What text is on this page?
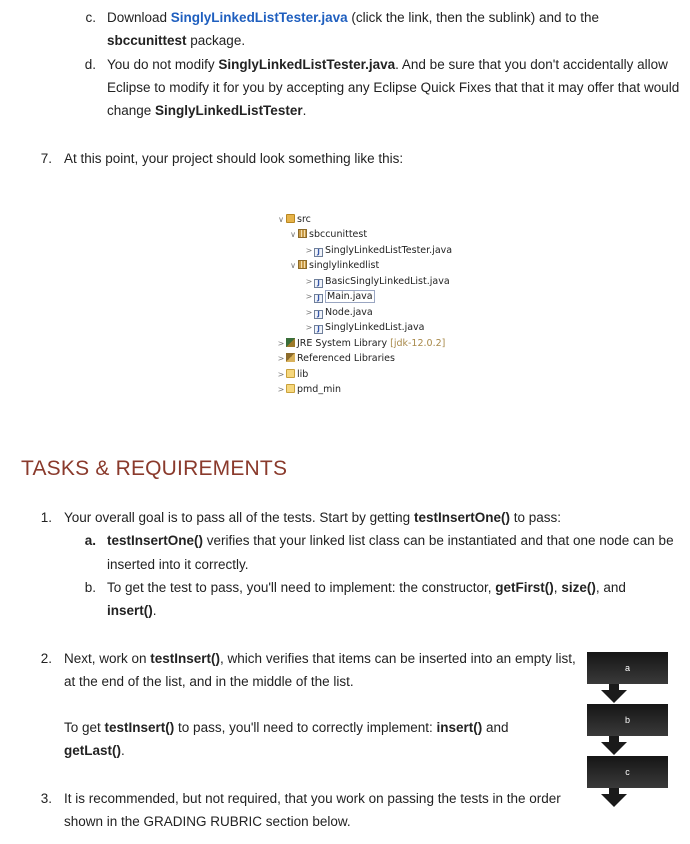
c. Download SinglyLinkedListTester.java (click the link, then the sublink) and to the
sbccunittest package.
d. You do not modify SinglyLinkedListTester.java. And be sure that you don't accidentally allow
Eclipse to modify it for you by accepting any Eclipse Quick Fixes that that it may offer that would
change SinglyLinkedListTester.
7. At this point, your project should look something like this:
∨ src
∨ sbccunittest
> J SinglyLinkedListTester.java
∨ singlylinkedlist
> J BasicSinglyLinkedList.java
> J Main.java
> J Node.java
> J SinglyLinkedList.java
> JRE System Library [jdk-12.0.2]
> Referenced Libraries
> lib
> pmd_min
TASKS & REQUIREMENTS
1. Your overall goal is to pass all of the tests. Start by getting testInsertOne() to pass:
a. testInsertOne() verifies that your linked list class can be instantiated and that one node can be
inserted into it correctly.
b. To get the test to pass, you'll need to implement: the constructor, getFirst(), size(), and
insert().
2. Next, work on testInsert(), which verifies that items can be inserted into an empty list,
at the end of the list, and in the middle of the list.
To get testInsert() to pass, you'll need to correctly implement: insert() and
getLast().
3. It is recommended, but not required, that you work on passing the tests in the order
shown in the GRADING RUBRIC section below.
a
b
c
